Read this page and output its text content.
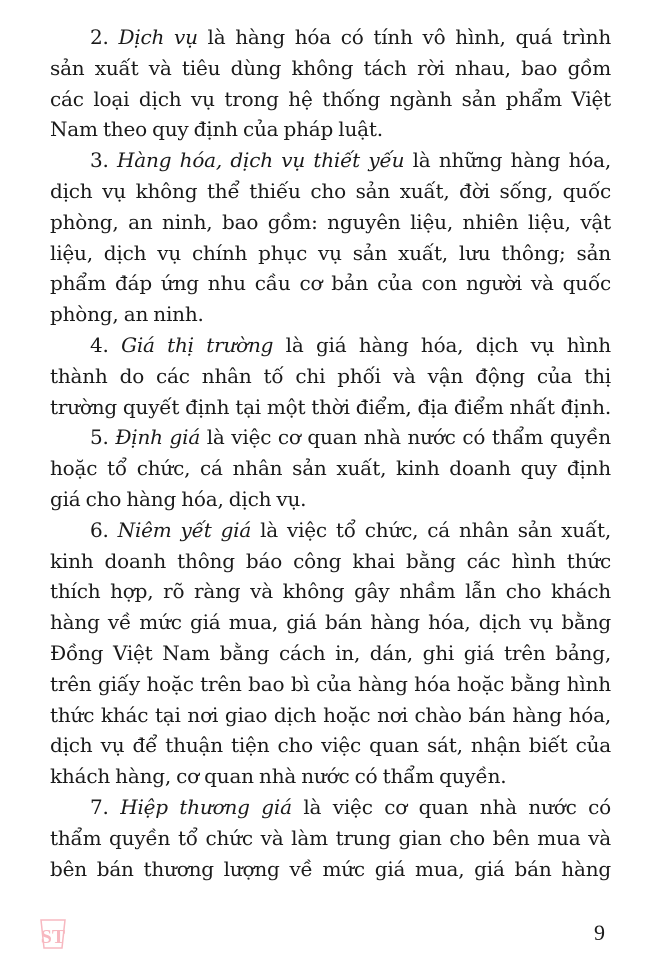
2. Dịch vụ là hàng hóa có tính vô hình, quá trình
sản xuất và tiêu dùng không tách rời nhau, bao gồm
các loại dịch vụ trong hệ thống ngành sản phẩm Việt
Nam theo quy định của pháp luật.
3. Hàng hóa, dịch vụ thiết yếu là những hàng hóa,
dịch vụ không thể thiếu cho sản xuất, đời sống, quốc
phòng, an ninh, bao gồm: nguyên liệu, nhiên liệu, vật
liệu, dịch vụ chính phục vụ sản xuất, lưu thông; sản
phẩm đáp ứng nhu cầu cơ bản của con người và quốc
phòng, an ninh.
4. Giá thị trường là giá hàng hóa, dịch vụ hình
thành do các nhân tố chi phối và vận động của thị
trường quyết định tại một thời điểm, địa điểm nhất định.
5. Định giá là việc cơ quan nhà nước có thẩm quyền
hoặc tổ chức, cá nhân sản xuất, kinh doanh quy định
giá cho hàng hóa, dịch vụ.
6. Niêm yết giá là việc tổ chức, cá nhân sản xuất,
kinh doanh thông báo công khai bằng các hình thức
thích hợp, rõ ràng và không gây nhầm lẫn cho khách
hàng về mức giá mua, giá bán hàng hóa, dịch vụ bằng
Đồng Việt Nam bằng cách in, dán, ghi giá trên bảng,
trên giấy hoặc trên bao bì của hàng hóa hoặc bằng hình
thức khác tại nơi giao dịch hoặc nơi chào bán hàng hóa,
dịch vụ để thuận tiện cho việc quan sát, nhận biết của
khách hàng, cơ quan nhà nước có thẩm quyền.
7. Hiệp thương giá là việc cơ quan nhà nước có
thẩm quyền tổ chức và làm trung gian cho bên mua và
bên bán thương lượng về mức giá mua, giá bán hàng
ST	9
